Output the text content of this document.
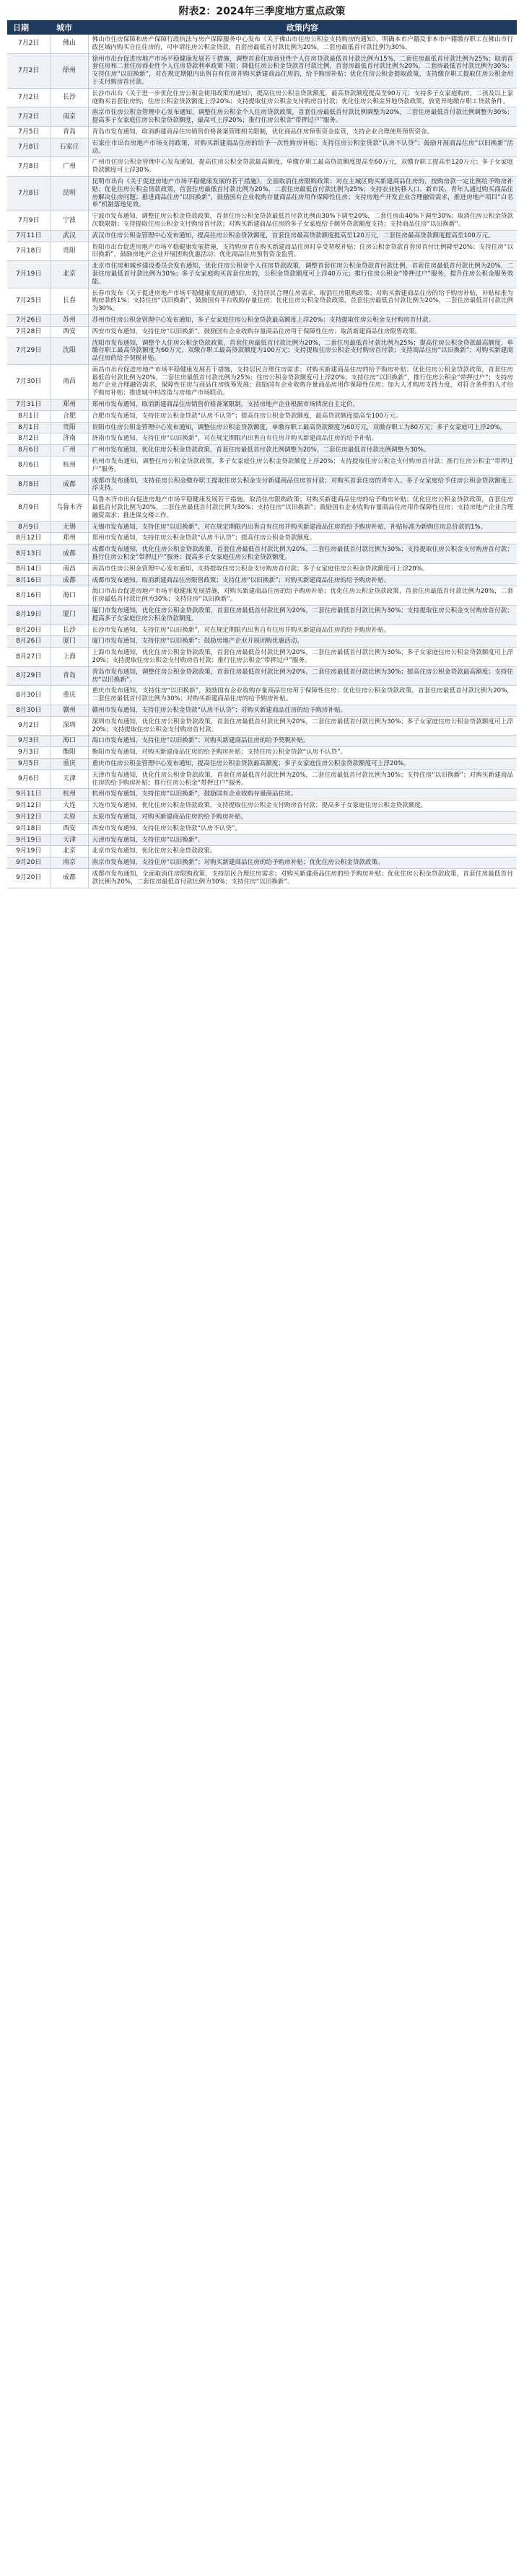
附表2：2024年三季度地方重点政策
日期	城市	政策内容
7月2日	佛山	佛山市住房保障和房产保障行政执法与房产保障服务中心发布《关于佛山市住房公积金支持购房的通知》，明确本市户籍及非本市户籍缴存职工在佛山市行政区域内购买自住住房的，可申请住房公积金贷款，首套房最低首付款比例为20%，二套房最低首付款比例为30%。
7月2日	徐州	徐州市出台促进房地产市场平稳健康发展若干措施，调整首套住房商业性个人住房贷款最低首付款比例为15%，二套住房最低首付款比例为25%；取消首套住房和二套住房商业性个人住房贷款利率政策下限；降低住房公积金贷款首付款比例，首套房最低首付款比例为20%，二套房最低首付款比例为30%；支持住房“以旧换新”，对在规定期限内出售自有住房并购买新建商品住房的，给予购房补贴；优化住房公积金提取政策，支持缴存职工提取住房公积金用于支付购房首付款。
7月2日	长沙	长沙市出台《关于进一步优化住房公积金使用政策的通知》，提高住房公积金贷款额度，最高贷款额度提高至90万元；支持多子女家庭购房，二孩及以上家庭购买首套住房的，住房公积金贷款额度上浮20%；支持提取住房公积金支付购房首付款；优化住房公积金异地贷款政策，放宽异地缴存职工贷款条件。
7月2日	南京	南京市住房公积金管理中心发布通知，调整住房公积金个人住房贷款政策，首套住房最低首付款比例调整为20%，二套住房最低首付款比例调整为30%；提高多子女家庭住房公积金贷款额度，最高可上浮20%；推行住房公积金“带押过户”服务。
7月5日	青岛	青岛市发布通知，取消新建商品住房销售价格备案管理相关限制，优化商品住房预售资金监管，支持企业合理使用预售资金。
7月8日	石家庄	石家庄市出台房地产市场支持政策，对购买新建商品住房的给予一次性购房补贴；支持住房公积金贷款“认房不认贷”；鼓励开展商品住房“以旧换新”活动。
7月8日	广州	广州市住房公积金管理中心发布通知，提高住房公积金贷款最高额度，单缴存职工最高贷款额度提高至60万元，双缴存职工提高至120万元；多子女家庭贷款额度可上浮30%。
7月8日	昆明	昆明市出台《关于促进房地产市场平稳健康发展的若干措施》，全面取消住房限购政策；对在主城区购买新建商品住房的，按购房款一定比例给予购房补贴；优化住房公积金贷款政策，首套住房最低首付款比例为20%，二套住房最低首付款比例为25%；支持农业转移人口、新市民、青年人通过购买商品住房解决住房问题；推进商品住房“以旧换新”，鼓励国有企业收购存量商品住房用作保障性住房；支持房地产开发企业合理融资需求，推进房地产项目“白名单”机制落地见效。
7月9日	宁波	宁波市发布通知，调整住房公积金贷款政策，首套住房公积金贷款最低首付款比例由30%下调至20%，二套住房由40%下调至30%；取消住房公积金贷款次数限制；支持提取住房公积金支付购房首付款；对购买新建商品住房的多子女家庭给予额外贷款额度支持；支持商品住房“以旧换新”。
7月11日	武汉	武汉市住房公积金管理中心发布通知，提高住房公积金贷款额度，首套住房最高贷款额度提高至120万元，二套住房最高贷款额度提高至100万元。
7月18日	贵阳	贵阳市出台促进房地产市场平稳健康发展措施，支持购房者在购买新建商品住房时享受契税补贴；住房公积金贷款首套房首付比例降至20%；支持住房“以旧换新”，鼓励房地产企业开展团购优惠活动；优化商品住房预售资金监管。
7月19日	北京	北京市住房和城乡建设委员会发布通知，优化住房公积金个人住房贷款政策，调整首套住房公积金贷款首付款比例，首套住房最低首付款比例为20%，二套住房最低首付款比例为30%；多子女家庭购买首套住房的，公积金贷款额度可上浮40万元；推行住房公积金“带押过户”服务，提升住房公积金服务效能。
7月25日	长春	长春市发布《关于促进房地产市场平稳健康发展的通知》，支持居民合理住房需求，取消住房限购政策；对购买新建商品住房的给予购房补贴，补贴标准为购房款的1%；支持住房“以旧换新”，鼓励国有平台收购存量住房；优化住房公积金贷款政策，首套住房最低首付款比例为20%，二套住房最低首付款比例为30%。
7月26日	苏州	苏州市住房公积金管理中心发布通知，多子女家庭住房公积金贷款最高额度上浮20%；支持提取住房公积金支付购房首付款。
7月28日	西安	西安市发布通知，支持住房“以旧换新”，鼓励国有企业收购存量商品住房用于保障性住房；取消新建商品住房限售政策。
7月29日	沈阳	沈阳市发布通知，调整个人住房公积金贷款政策，首套住房最低首付款比例为20%，二套住房最低首付款比例为25%；提高住房公积金贷款最高额度，单缴存职工最高贷款额度为60万元，双缴存职工最高贷款额度为100万元；支持提取住房公积金支付购房首付款；支持商品住房“以旧换新”；对购买新建商品住房的给予契税补贴。
7月30日	南昌	南昌市出台促进房地产市场平稳健康发展若干措施，支持居民合理住房需求；对购买新建商品住房的给予购房补贴；优化住房公积金贷款政策，首套住房最低首付款比例为20%，二套住房最低首付款比例为25%；住房公积金贷款额度可上浮20%；支持住房“以旧换新”，推行住房公积金“带押过户”；支持房地产企业合理融资需求，保障性住房与商品住房统筹发展；鼓励国有企业收购存量商品房用作保障性住房；加大人才购房支持力度，对符合条件的人才给予购房补贴；推进城中村改造与房地产市场联动。
7月31日	郑州	郑州市发布通知，取消新建商品住房销售价格备案限制，支持房地产企业根据市场情况自主定价。
8月1日	合肥	合肥市发布通知，支持住房公积金贷款“认房不认贷”；提高住房公积金贷款额度，最高贷款额度提高至100万元。
8月1日	贵阳	贵阳市住房公积金管理中心发布通知，调整住房公积金贷款额度，单缴存职工最高贷款额度为60万元，双缴存职工为80万元；多子女家庭可上浮20%。
8月2日	济南	济南市发布通知，支持住房“以旧换新”，对在规定期限内出售自有住房并购买新建商品住房的给予补贴。
8月6日	广州	广州市发布通知，优化住房公积金贷款政策，首套住房最低首付款比例调整为20%，二套住房最低首付款比例调整为30%。
8月6日	杭州	杭州市发布通知，调整住房公积金贷款政策，多子女家庭住房公积金贷款额度上浮20%；支持提取住房公积金支付购房首付款；推行住房公积金“带押过户”服务。
8月8日	成都	成都市发布通知，支持住房公积金缴存职工提取住房公积金支付新建商品住房首付款；对购买首套住房的青年人、多子女家庭给予住房公积金贷款额度上浮支持。
8月9日	乌鲁木齐	乌鲁木齐市出台促进房地产市场平稳健康发展若干措施，取消住房限购政策；对购买新建商品住房的给予购房补贴；优化住房公积金贷款政策，首套住房最低首付款比例为20%，二套住房最低首付款比例为30%；支持住房“以旧换新”；鼓励国有企业收购存量商品住房用作保障性住房；支持房地产企业合理融资需求；推进保交楼工作。
8月9日	无锡	无锡市发布通知，支持住房“以旧换新”，对在规定期限内出售自有住房并购买新建商品住房的给予购房补贴，补贴标准为新购住房总价款的1%。
8月12日	郑州	郑州市发布通知，支持住房公积金贷款“认房不认贷”；提高住房公积金贷款额度。
8月13日	成都	成都市发布通知，优化住房公积金贷款政策，首套住房最低首付款比例为20%，二套住房最低首付款比例为30%；支持提取住房公积金支付购房首付款；推行住房公积金“带押过户”服务；提高多子女家庭住房公积金贷款额度。
8月14日	南昌	南昌市住房公积金管理中心发布通知，支持提取住房公积金支付购房首付款；多子女家庭住房公积金贷款额度可上浮20%。
8月16日	成都	成都市发布通知，取消新建商品住房限售政策；支持住房“以旧换新”；对购买新建商品住房的给予购房补贴。
8月16日	海口	海口市出台促进房地产市场平稳健康发展措施，对购买新建商品住房的给予购房补贴；优化住房公积金贷款政策，首套住房最低首付款比例为20%，二套住房最低首付款比例为30%；支持住房“以旧换新”。
8月19日	厦门	厦门市发布通知，优化住房公积金贷款政策，首套住房最低首付款比例为20%，二套住房最低首付款比例为30%；支持提取住房公积金支付购房首付款；提高多子女家庭住房公积金贷款额度。
8月20日	长沙	长沙市发布通知，支持住房“以旧换新”，对在规定期限内出售自有住房并购买新建商品住房的给予购房补贴。
8月26日	厦门	厦门市发布通知，支持住房“以旧换新”；鼓励房地产企业开展团购优惠活动。
8月27日	上海	上海市发布通知，优化住房公积金贷款政策，首套住房最低首付款比例为20%，二套住房最低首付款比例为30%；多子女家庭住房公积金贷款额度可上浮20%；支持提取住房公积金支付购房首付款；推行住房公积金“带押过户”服务。
8月29日	青岛	青岛市发布通知，调整住房公积金贷款政策，首套住房最低首付款比例为20%，二套住房最低首付款比例为30%；提高住房公积金贷款最高额度；支持住房“以旧换新”。
8月30日	重庆	重庆市发布通知，支持住房“以旧换新”，鼓励国有企业收购存量商品住房用于保障性住房；优化住房公积金贷款政策，首套住房最低首付款比例为20%，二套住房最低首付款比例为30%；对购买新建商品住房的给予购房补贴。
8月30日	赣州	赣州市发布通知，支持住房公积金贷款“认房不认贷”；对购买新建商品住房的给予购房补贴。
9月2日	深圳	深圳市发布通知，优化住房公积金贷款政策，首套住房最低首付款比例为20%，二套住房最低首付款比例为30%；多子女家庭住房公积金贷款额度可上浮20%；支持提取住房公积金支付购房首付款。
9月3日	海口	海口市发布通知，支持住房“以旧换新”；对购买新建商品住房的给予契税补贴。
9月3日	衡阳	衡阳市发布通知，对购买新建商品住房的给予购房补贴；支持住房公积金贷款“认房不认贷”。
9月5日	重庆	重庆市住房公积金管理中心发布通知，提高住房公积金贷款最高额度；多子女家庭住房公积金贷款额度可上浮20%。
9月6日	天津	天津市发布通知，优化住房公积金贷款政策，首套住房最低首付款比例为20%，二套住房最低首付款比例为30%；支持住房“以旧换新”；对购买新建商品住房的给予购房补贴；推行住房公积金“带押过户”服务。
9月11日	杭州	杭州市发布通知，支持住房“以旧换新”，鼓励国有企业收购存量商品住房。
9月12日	大连	大连市发布通知，优化住房公积金贷款政策，支持提取住房公积金支付购房首付款；提高多子女家庭住房公积金贷款额度。
9月12日	太原	太原市发布通知，对购买新建商品住房的给予购房补贴。
9月18日	西安	西安市发布通知，支持住房公积金贷款“认房不认贷”。
9月19日	天津	天津市发布通知，支持住房“以旧换新”。
9月19日	北京	北京市发布通知，优化住房公积金贷款政策。
9月20日	南京	南京市发布通知，支持住房“以旧换新”；对购买新建商品住房的给予购房补贴；优化住房公积金贷款政策。
9月20日	成都	成都市发布通知，全面取消住房限购政策，支持居民合理住房需求；对购买新建商品住房的给予购房补贴；优化住房公积金贷款政策，首套住房最低首付款比例为20%，二套住房最低首付款比例为30%；支持住房“以旧换新”。
